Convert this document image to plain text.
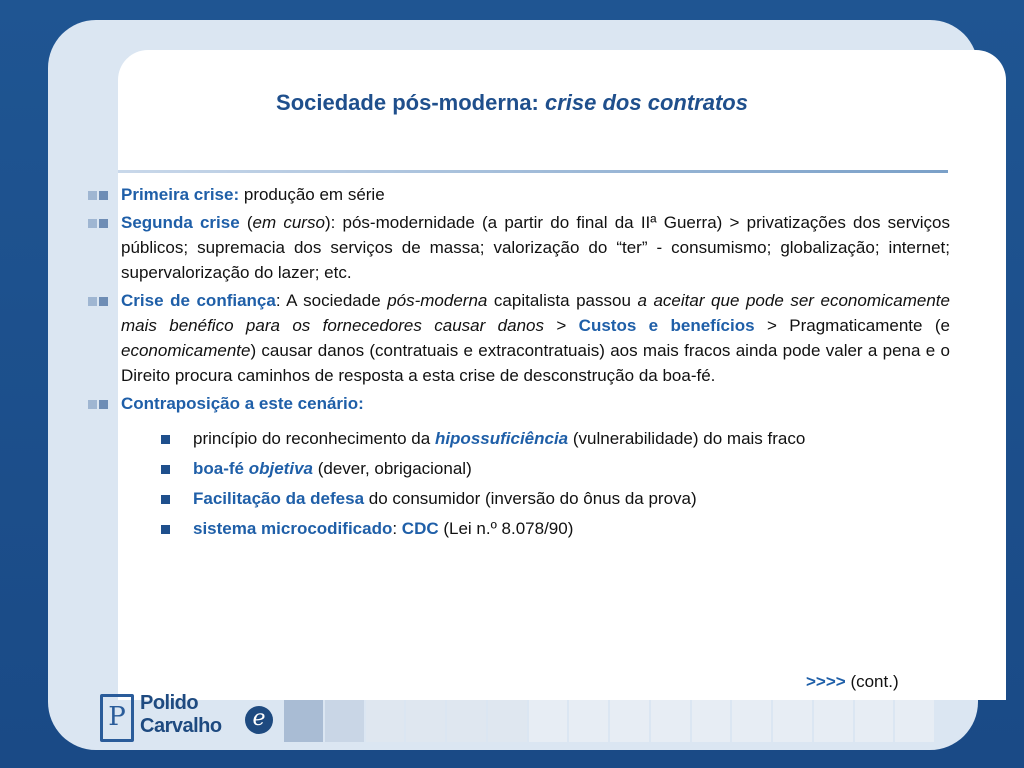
Sociedade pós-moderna: crise dos contratos
Primeira crise: produção em série
Segunda crise (em curso): pós-modernidade (a partir do final da IIª Guerra) > privatizações dos serviços públicos; supremacia dos serviços de massa; valorização do “ter” - consumismo; globalização; internet; supervalorização do lazer; etc.
Crise de confiança: A sociedade pós-moderna capitalista passou a aceitar que pode ser economicamente mais benéfico para os fornecedores causar danos > Custos e benefícios > Pragmaticamente (e economicamente) causar danos (contratuais e extracontratuais) aos mais fracos ainda pode valer a pena e o Direito procura caminhos de resposta a esta crise de desconstrução da boa-fé.
Contraposição a este cenário:
princípio do reconhecimento da hipossuficiência (vulnerabilidade) do mais fraco
boa-fé objetiva (dever, obrigacional)
Facilitação da defesa do consumidor (inversão do ônus da prova)
sistema microcodificado: CDC (Lei n.º 8.078/90)
>>>> (cont.)
P Polido
Carvalho	e
